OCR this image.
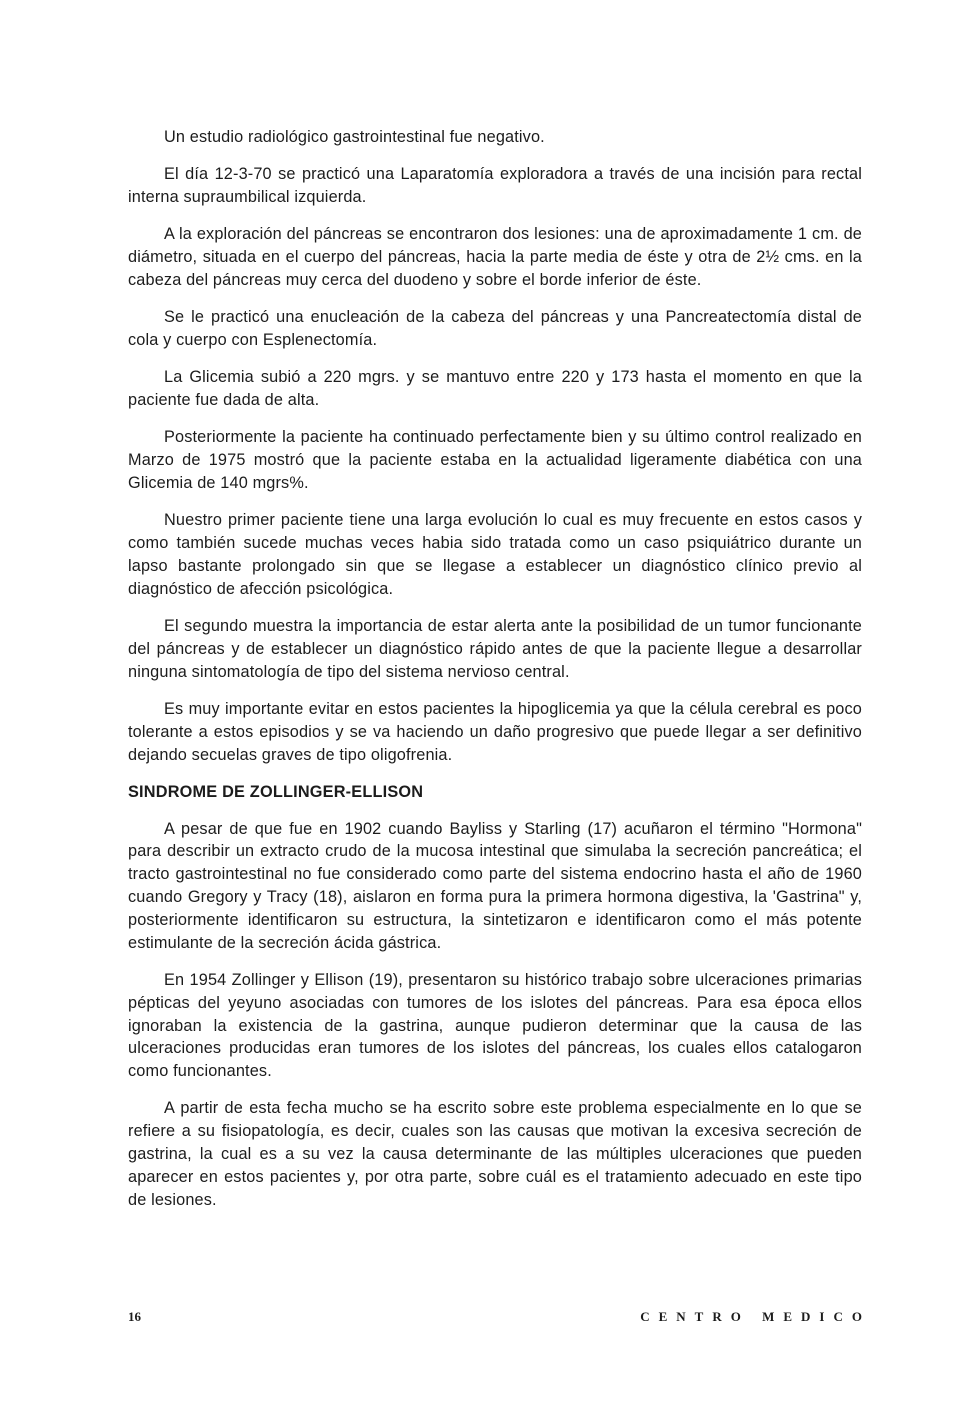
Un estudio radiológico gastrointestinal fue negativo.

El día 12-3-70 se practicó una Laparatomía exploradora a través de una incisión para rectal interna supraumbilical izquierda.

A la exploración del páncreas se encontraron dos lesiones: una de aproximadamente 1 cm. de diámetro, situada en el cuerpo del páncreas, hacia la parte media de éste y otra de 2½ cms. en la cabeza del páncreas muy cerca del duodeno y sobre el borde inferior de éste.

Se le practicó una enucleación de la cabeza del páncreas y una Pancreatectomía distal de cola y cuerpo con Esplenectomía.

La Glicemia subió a 220 mgrs. y se mantuvo entre 220 y 173 hasta el momento en que la paciente fue dada de alta.

Posteriormente la paciente ha continuado perfectamente bien y su último control realizado en Marzo de 1975 mostró que la paciente estaba en la actualidad ligeramente diabética con una Glicemia de 140 mgrs%.

Nuestro primer paciente tiene una larga evolución lo cual es muy frecuente en estos casos y como también sucede muchas veces habia sido tratada como un caso psiquiátrico durante un lapso bastante prolongado sin que se llegase a establecer un diagnóstico clínico previo al diagnóstico de afección psicológica.

El segundo muestra la importancia de estar alerta ante la posibilidad de un tumor funcionante del páncreas y de establecer un diagnóstico rápido antes de que la paciente llegue a desarrollar ninguna sintomatología de tipo del sistema nervioso central.

Es muy importante evitar en estos pacientes la hipoglicemia ya que la célula cerebral es poco tolerante a estos episodios y se va haciendo un daño progresivo que puede llegar a ser definitivo dejando secuelas graves de tipo oligofrenia.

SINDROME DE ZOLLINGER-ELLISON

A pesar de que fue en 1902 cuando Bayliss y Starling (17) acuñaron el término "Hormona" para describir un extracto crudo de la mucosa intestinal que simulaba la secreción pancreática; el tracto gastrointestinal no fue considerado como parte del sistema endocrino hasta el año de 1960 cuando Gregory y Tracy (18), aislaron en forma pura la primera hormona digestiva, la 'Gastrina" y, posteriormente identificaron su estructura, la sintetizaron e identificaron como el más potente estimulante de la secreción ácida gástrica.

En 1954 Zollinger y Ellison (19), presentaron su histórico trabajo sobre ulceraciones primarias pépticas del yeyuno asociadas con tumores de los islotes del páncreas. Para esa época ellos ignoraban la existencia de la gastrina, aunque pudieron determinar que la causa de las ulceraciones producidas eran tumores de los islotes del páncreas, los cuales ellos catalogaron como funcionantes.

A partir de esta fecha mucho se ha escrito sobre este problema especialmente en lo que se refiere a su fisiopatología, es decir, cuales son las causas que motivan la excesiva secreción de gastrina, la cual es a su vez la causa determinante de las múltiples ulceraciones que pueden aparecer en estos pacientes y, por otra parte, sobre cuál es el tratamiento adecuado en este tipo de lesiones.

16	CENTRO MEDICO
